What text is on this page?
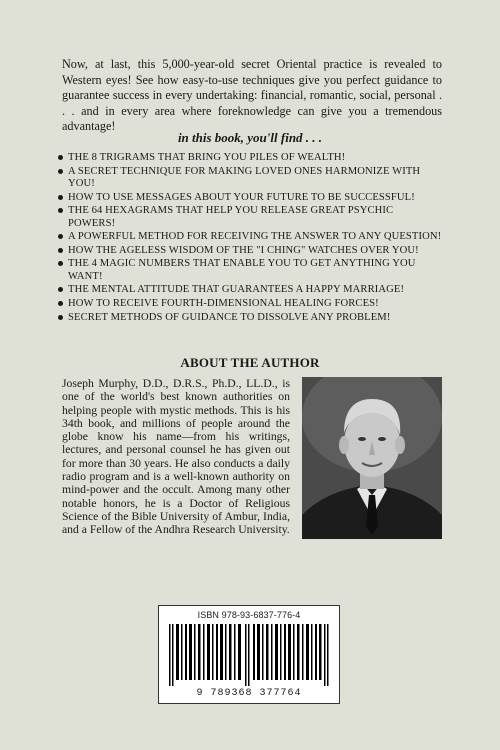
Now, at last, this 5,000-year-old secret Oriental practice is revealed to Western eyes! See how easy-to-use techniques give you perfect guidance to guarantee success in every undertaking: financial, romantic, social, personal . . . and in every area where foreknowledge can give you a tremendous advantage!
in this book, you'll find . . .
THE 8 TRIGRAMS THAT BRING YOU PILES OF WEALTH!
A SECRET TECHNIQUE FOR MAKING LOVED ONES HARMONIZE WITH YOU!
HOW TO USE MESSAGES ABOUT YOUR FUTURE TO BE SUCCESSFUL!
THE 64 HEXAGRAMS THAT HELP YOU RELEASE GREAT PSYCHIC POWERS!
A POWERFUL METHOD FOR RECEIVING THE ANSWER TO ANY QUESTION!
HOW THE AGELESS WISDOM OF THE "I CHING" WATCHES OVER YOU!
THE 4 MAGIC NUMBERS THAT ENABLE YOU TO GET ANYTHING YOU WANT!
THE MENTAL ATTITUDE THAT GUARANTEES A HAPPY MARRIAGE!
HOW TO RECEIVE FOURTH-DIMENSIONAL HEALING FORCES!
SECRET METHODS OF GUIDANCE TO DISSOLVE ANY PROBLEM!
ABOUT THE AUTHOR
Joseph Murphy, D.D., D.R.S., Ph.D., LL.D., is one of the world's best known authorities on helping people with mystic methods. This is his 34th book, and millions of people around the globe know his name—from his writings, lectures, and personal counsel he has given out for more than 30 years. He also conducts a daily radio program and is a well-known authority on mind-power and the occult. Among many other notable honors, he is a Doctor of Religious Science of the Bible University of Ambur, India, and a Fellow of the Andhra Research University.
ISBN 978-93-6837-776-4
9 789368 377764
